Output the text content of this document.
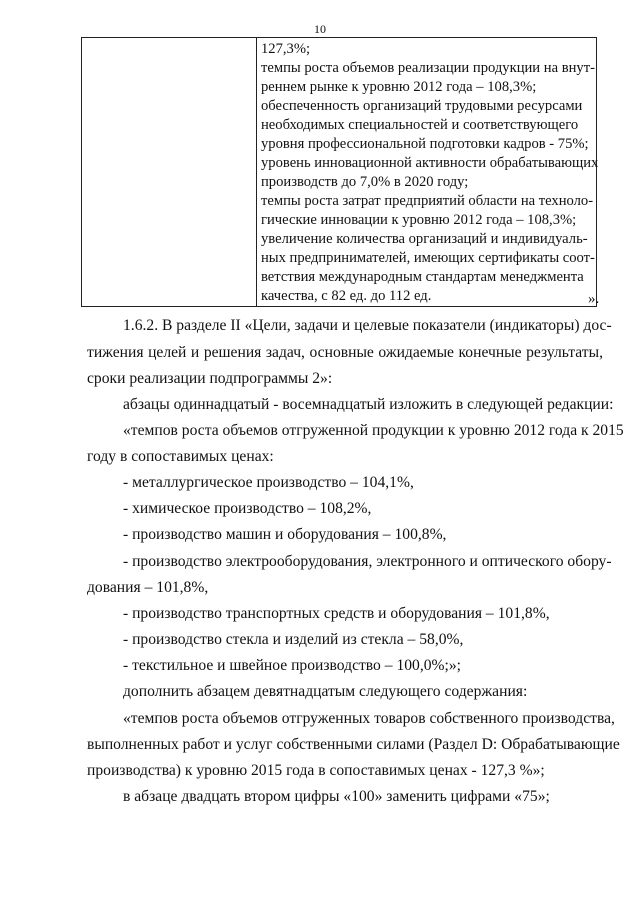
10

127,3%;
темпы роста объемов реализации продукции на внут-
реннем рынке к уровню 2012 года – 108,3%;
обеспеченность организаций трудовыми ресурсами
необходимых специальностей и соответствующего
уровня профессиональной подготовки кадров - 75%;
уровень инновационной активности обрабатывающих
производств до 7,0% в 2020 году;
темпы роста затрат предприятий области на техноло-
гические инновации к уровню 2012 года – 108,3%;
увеличение количества организаций и индивидуаль-
ных предпринимателей, имеющих сертификаты соот-
ветствия международным стандартам менеджмента
качества, с 82 ед. до 112 ед.	».
1.6.2. В разделе II «Цели, задачи и целевые показатели (индикаторы) дос-
тижения целей и решения задач, основные ожидаемые конечные результаты,
сроки реализации подпрограммы 2»:
абзацы одиннадцатый - восемнадцатый изложить в следующей редакции:
«темпов роста объемов отгруженной продукции к уровню 2012 года к 2015
году в сопоставимых ценах:
- металлургическое производство – 104,1%,
- химическое производство – 108,2%,
- производство машин и оборудования – 100,8%,
- производство электрооборудования, электронного и оптического обору-
дования – 101,8%,
- производство транспортных средств и оборудования – 101,8%,
- производство стекла и изделий из стекла – 58,0%,
- текстильное и швейное производство – 100,0%;»;
дополнить абзацем девятнадцатым следующего содержания:
«темпов роста объемов отгруженных товаров собственного производства,
выполненных работ и услуг собственными силами (Раздел D: Обрабатывающие
производства) к уровню 2015 года в сопоставимых ценах - 127,3 %»;
в абзаце двадцать втором цифры «100» заменить цифрами «75»;
